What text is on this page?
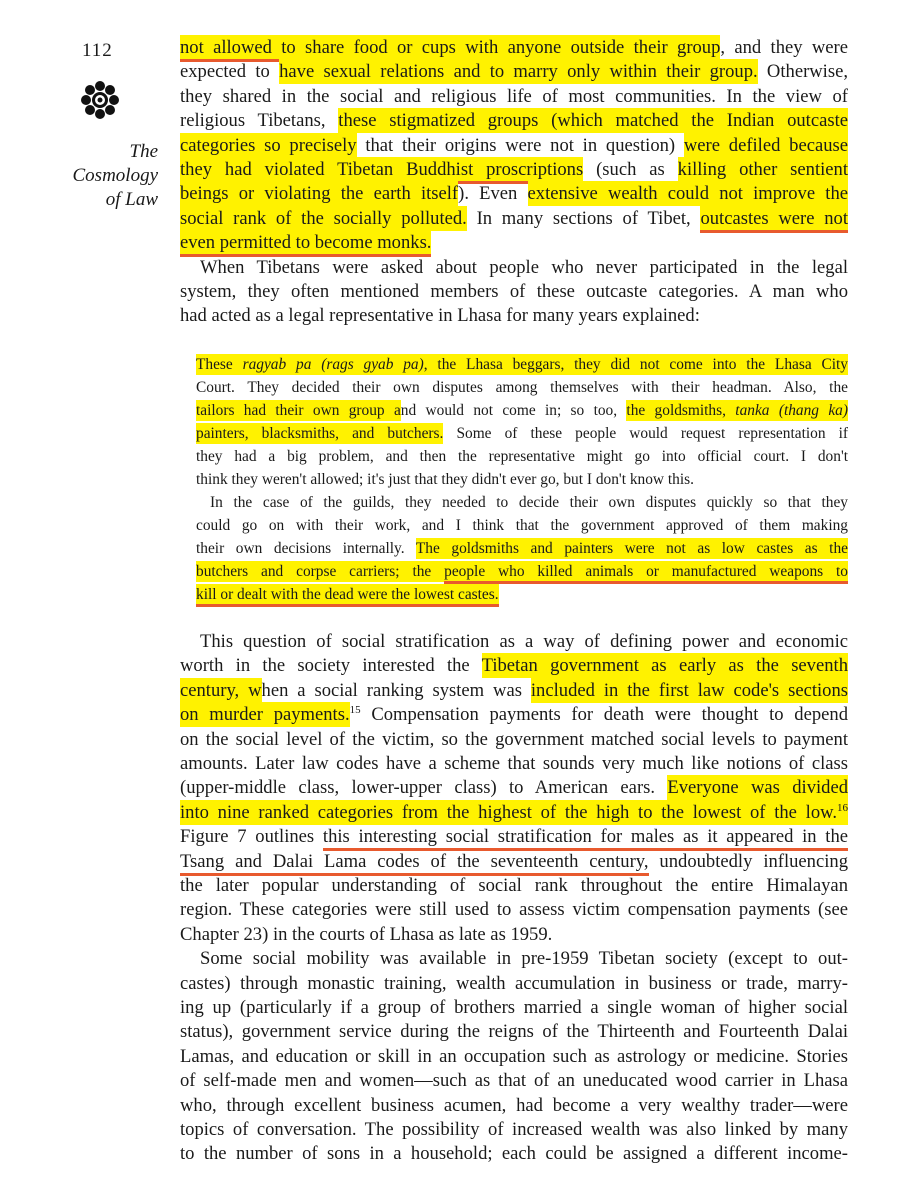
112
The
Cosmology
of Law
not allowed to share food or cups with anyone outside their group, and they were
expected to have sexual relations and to marry only within their group. Otherwise,
they shared in the social and religious life of most communities. In the view of
religious Tibetans, these stigmatized groups (which matched the Indian outcaste
categories so precisely that their origins were not in question) were defiled because
they had violated Tibetan Buddhist proscriptions (such as killing other sentient
beings or violating the earth itself). Even extensive wealth could not improve the
social rank of the socially polluted. In many sections of Tibet, outcastes were not
even permitted to become monks.
When Tibetans were asked about people who never participated in the legal
system, they often mentioned members of these outcaste categories. A man who
had acted as a legal representative in Lhasa for many years explained:
These ragyab pa (rags gyab pa), the Lhasa beggars, they did not come into the Lhasa City
Court. They decided their own disputes among themselves with their headman. Also, the
tailors had their own group and would not come in; so too, the goldsmiths, tanka (thang ka)
painters, blacksmiths, and butchers. Some of these people would request representation if
they had a big problem, and then the representative might go into official court. I don't
think they weren't allowed; it's just that they didn't ever go, but I don't know this.
In the case of the guilds, they needed to decide their own disputes quickly so that they
could go on with their work, and I think that the government approved of them making
their own decisions internally. The goldsmiths and painters were not as low castes as the
butchers and corpse carriers; the people who killed animals or manufactured weapons to
kill or dealt with the dead were the lowest castes.
This question of social stratification as a way of defining power and economic
worth in the society interested the Tibetan government as early as the seventh
century, when a social ranking system was included in the first law code's sections
on murder payments.$^{15}$ Compensation payments for death were thought to depend
on the social level of the victim, so the government matched social levels to payment
amounts. Later law codes have a scheme that sounds very much like notions of class
(upper-middle class, lower-upper class) to American ears. Everyone was divided
into nine ranked categories from the highest of the high to the lowest of the low.$^{16}$
Figure 7 outlines this interesting social stratification for males as it appeared in the
Tsang and Dalai Lama codes of the seventeenth century, undoubtedly influencing
the later popular understanding of social rank throughout the entire Himalayan
region. These categories were still used to assess victim compensation payments (see
Chapter 23) in the courts of Lhasa as late as 1959.
Some social mobility was available in pre-1959 Tibetan society (except to out-
castes) through monastic training, wealth accumulation in business or trade, marry-
ing up (particularly if a group of brothers married a single woman of higher social
status), government service during the reigns of the Thirteenth and Fourteenth Dalai
Lamas, and education or skill in an occupation such as astrology or medicine. Stories
of self-made men and women—such as that of an uneducated wood carrier in Lhasa
who, through excellent business acumen, had become a very wealthy trader—were
topics of conversation. The possibility of increased wealth was also linked by many
to the number of sons in a household; each could be assigned a different income-
